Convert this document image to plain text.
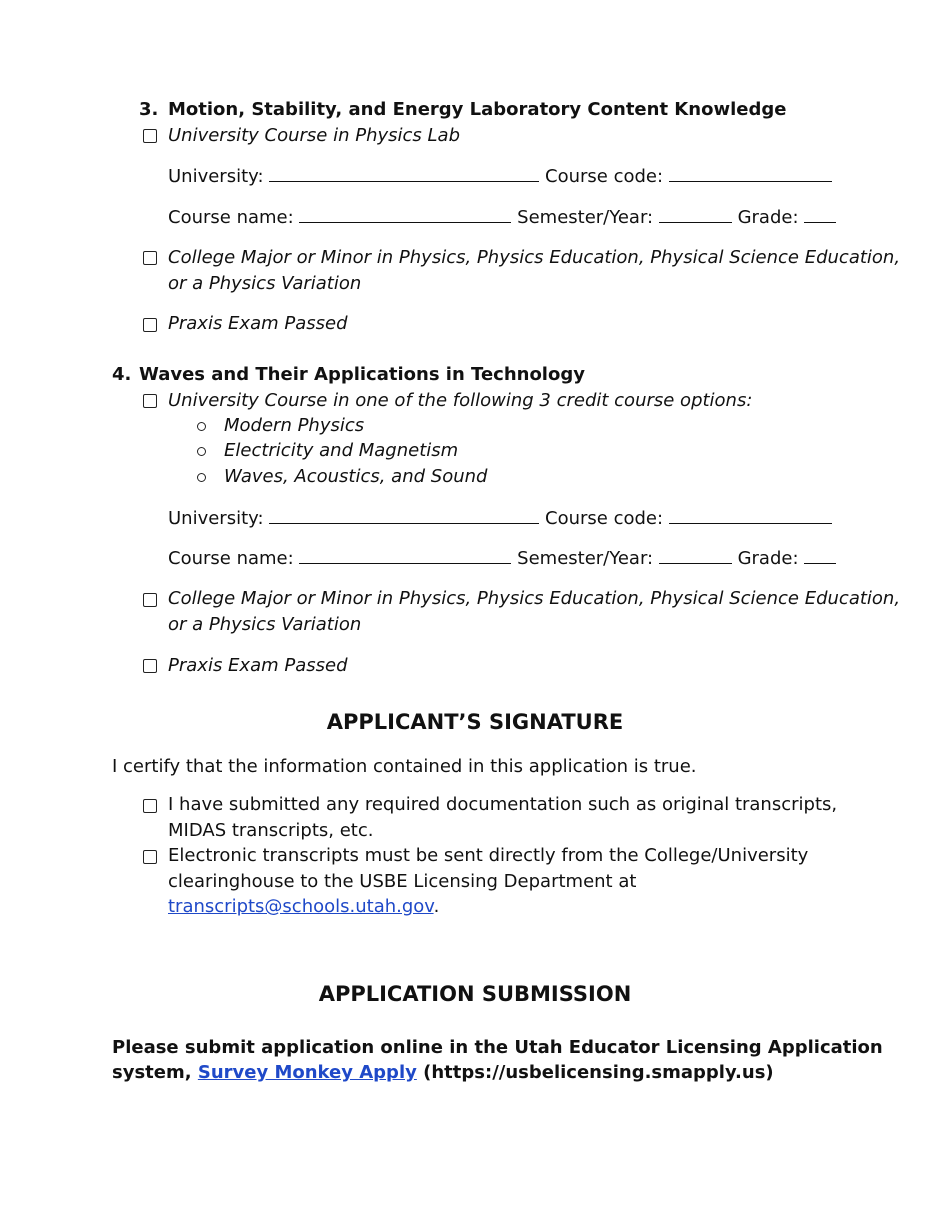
3. Motion, Stability, and Energy Laboratory Content Knowledge
University Course in Physics Lab
University:	Course code:
Course name:	Semester/Year:	Grade:
College Major or Minor in Physics, Physics Education, Physical Science Education,
or a Physics Variation
Praxis Exam Passed
4. Waves and Their Applications in Technology
University Course in one of the following 3 credit course options:
Modern Physics
Electricity and Magnetism
Waves, Acoustics, and Sound
University:	Course code:
Course name:	Semester/Year:	Grade:
College Major or Minor in Physics, Physics Education, Physical Science Education,
or a Physics Variation
Praxis Exam Passed
APPLICANT’S SIGNATURE
I certify that the information contained in this application is true.
I have submitted any required documentation such as original transcripts,
MIDAS transcripts, etc.
Electronic transcripts must be sent directly from the College/University
clearinghouse to the USBE Licensing Department at
transcripts@schools.utah.gov.
APPLICATION SUBMISSION
Please submit application online in the Utah Educator Licensing Application
system, Survey Monkey Apply (https://usbelicensing.smapply.us)
